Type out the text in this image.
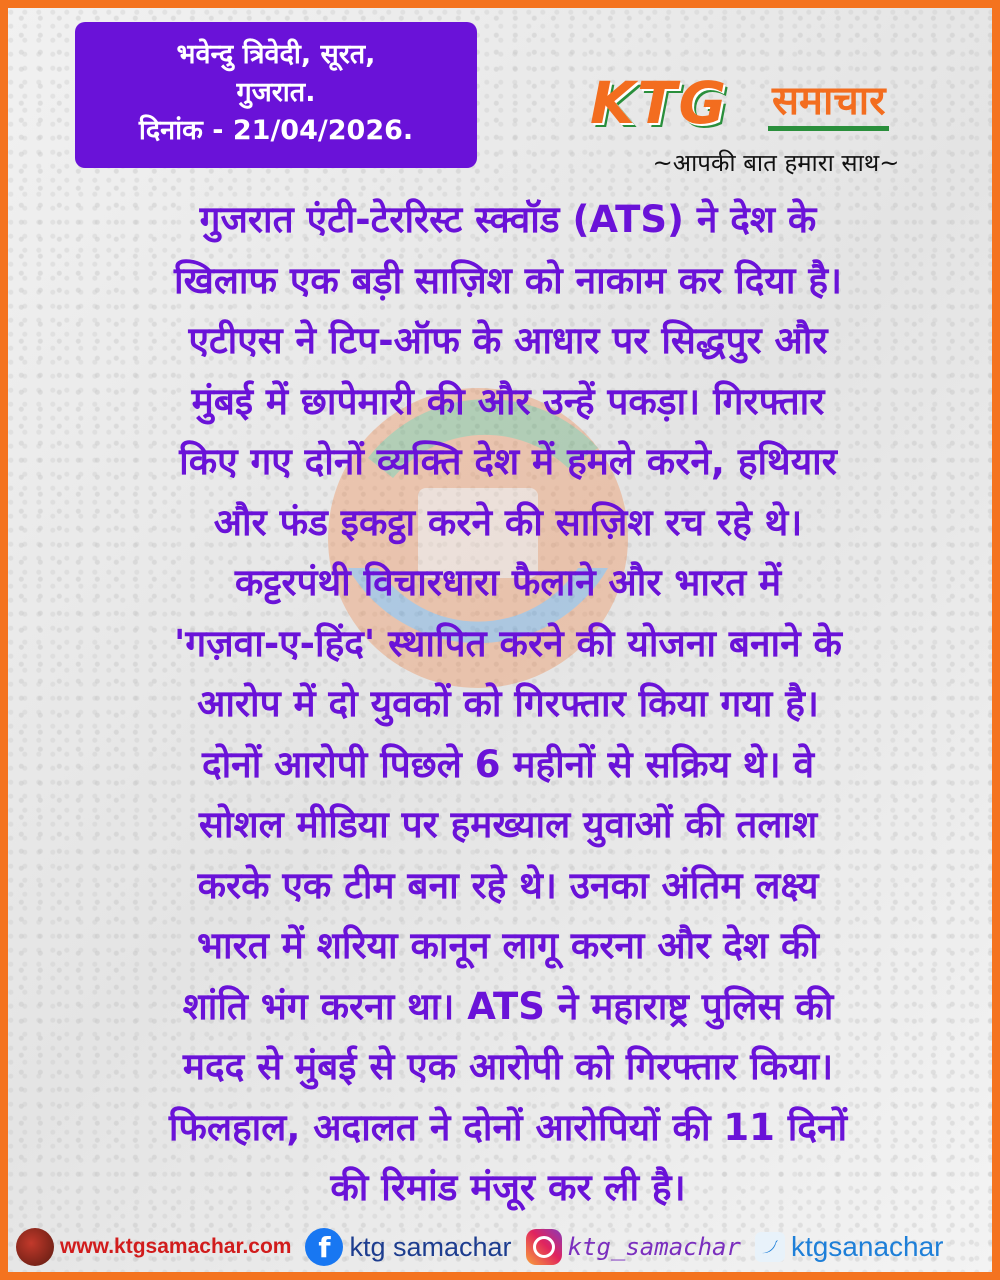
भवेन्दु त्रिवेदी, सूरत,
गुजरात.
दिनांक - 21/04/2026.	KTG समाचार
~आपकी बात हमारा साथ~
गुजरात एंटी-टेररिस्ट स्क्वॉड (ATS) ने देश के
खिलाफ एक बड़ी साज़िश को नाकाम कर दिया है।
एटीएस ने टिप-ऑफ के आधार पर सिद्धपुर और
मुंबई में छापेमारी की और उन्हें पकड़ा। गिरफ्तार
किए गए दोनों व्यक्ति देश में हमले करने, हथियार
और फंड इकट्ठा करने की साज़िश रच रहे थे।
कट्टरपंथी विचारधारा फैलाने और भारत में
'गज़वा-ए-हिंद' स्थापित करने की योजना बनाने के
आरोप में दो युवकों को गिरफ्तार किया गया है।
दोनों आरोपी पिछले 6 महीनों से सक्रिय थे। वे
सोशल मीडिया पर हमख्याल युवाओं की तलाश
करके एक टीम बना रहे थे। उनका अंतिम लक्ष्य
भारत में शरिया कानून लागू करना और देश की
शांति भंग करना था। ATS ने महाराष्ट्र पुलिस की
मदद से मुंबई से एक आरोपी को गिरफ्तार किया।
फिलहाल, अदालत ने दोनों आरोपियों की 11 दिनों
की रिमांड मंजूर कर ली है।
www.ktgsamachar.com f ktg samachar ktg_samachar ktgsanachar
